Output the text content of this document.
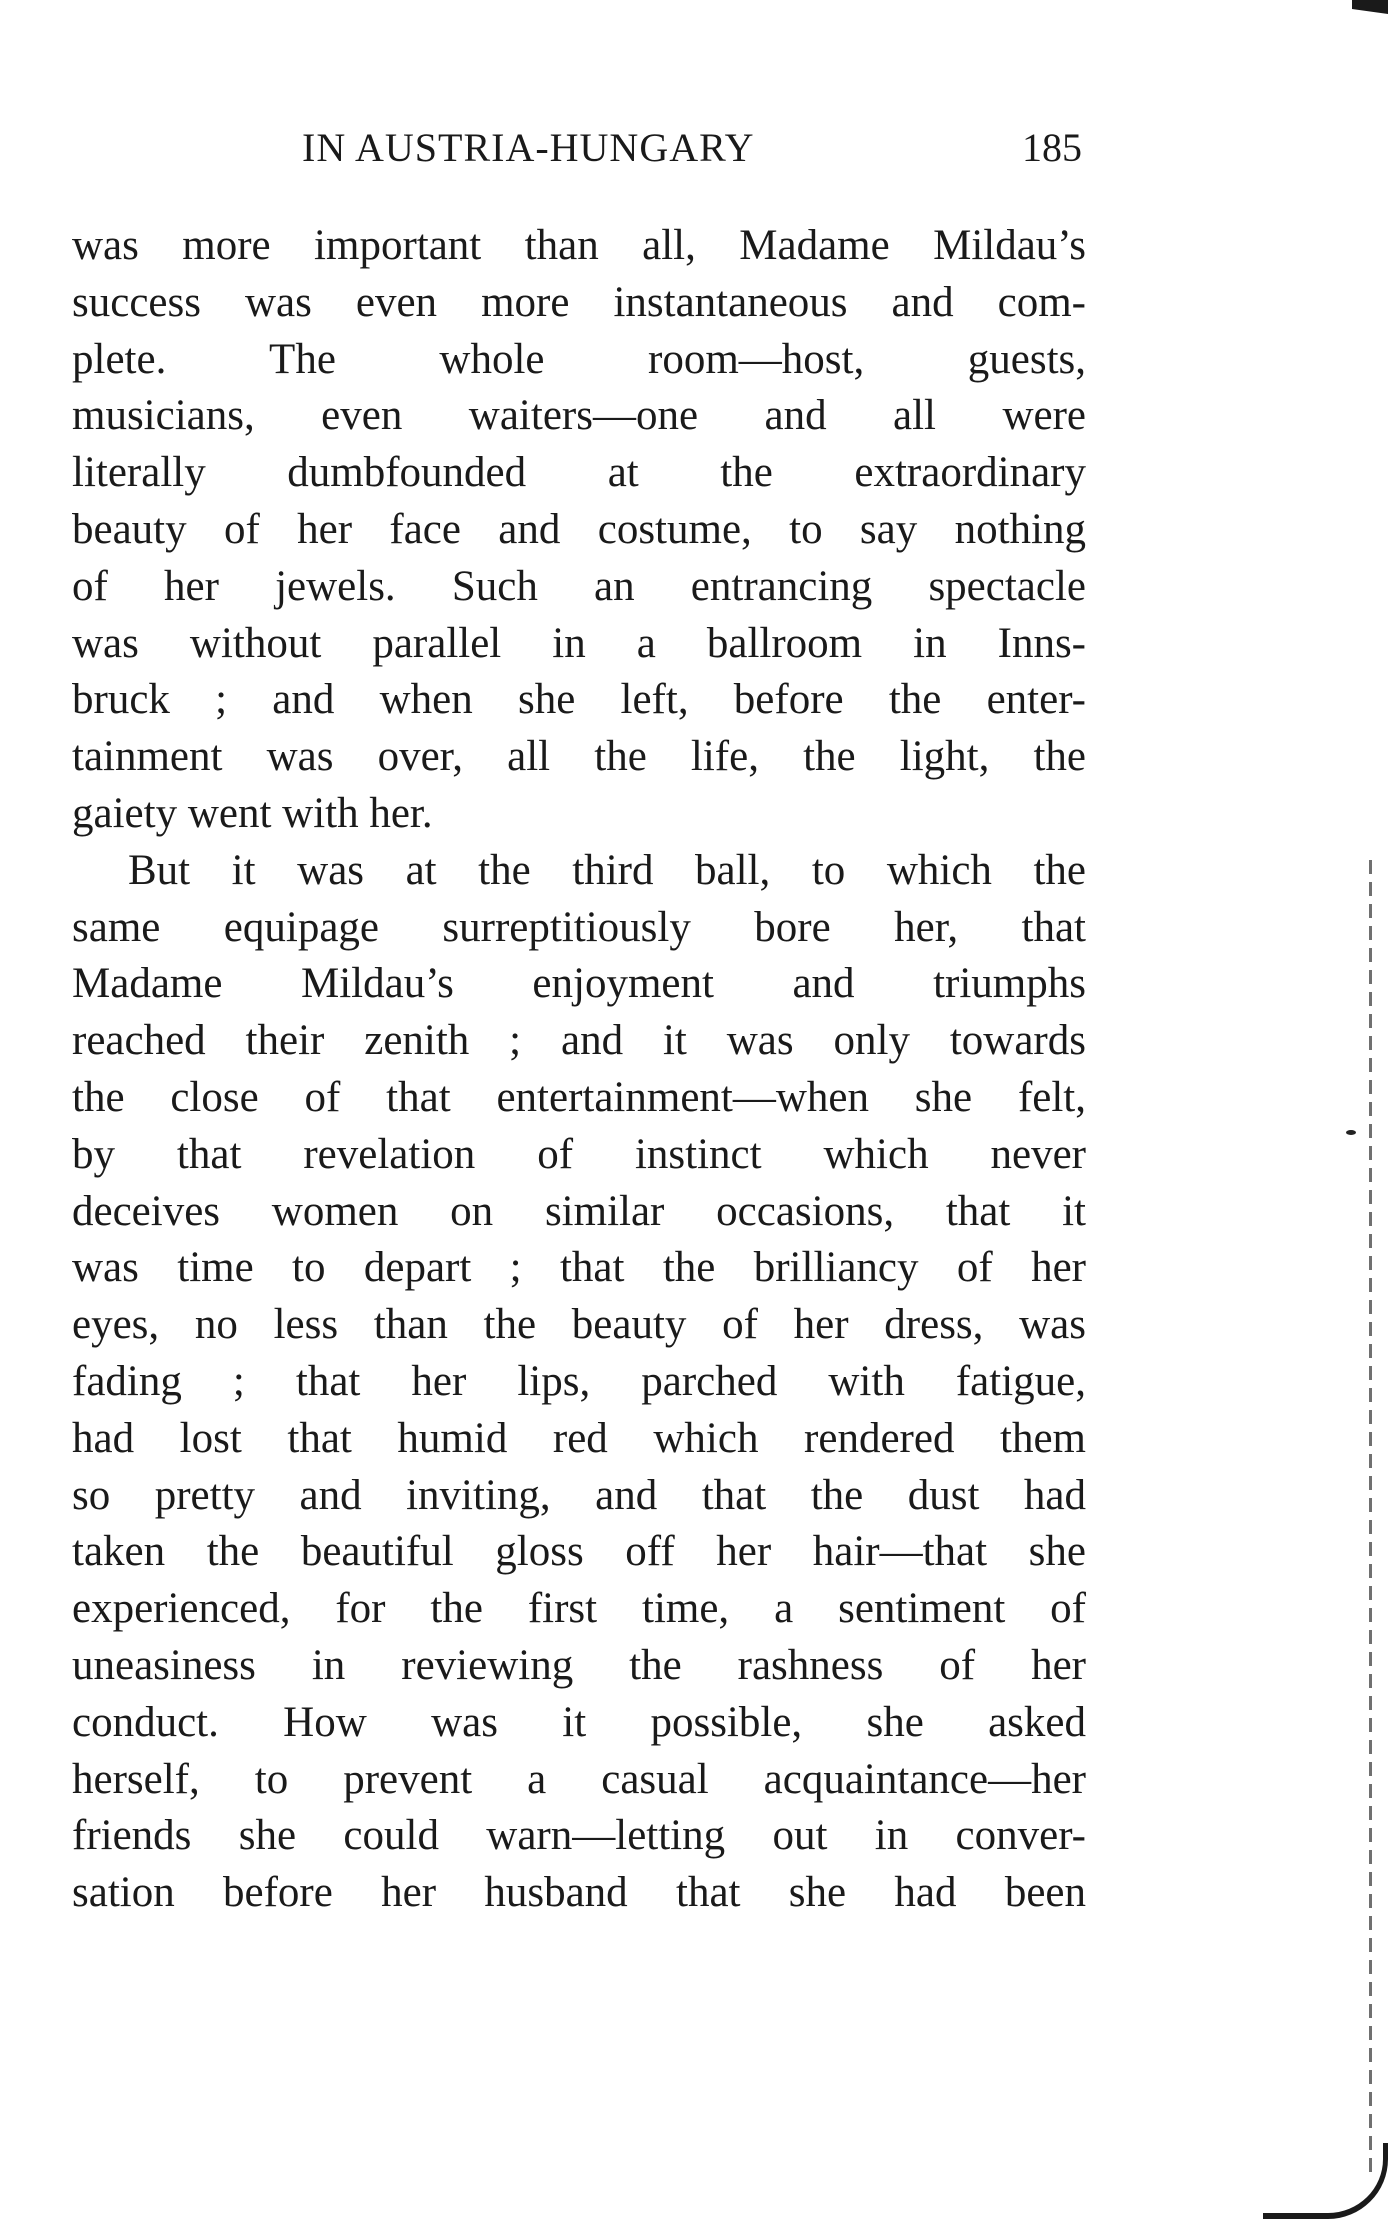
IN AUSTRIA-HUNGARY	185
was more important than all, Madame Mildau’s
success was even more instantaneous and com-
plete. The whole room—host, guests,
musicians, even waiters—one and all were
literally dumbfounded at the extraordinary
beauty of her face and costume, to say nothing
of her jewels. Such an entrancing spectacle
was without parallel in a ballroom in Inns-
bruck ; and when she left, before the enter-
tainment was over, all the life, the light, the
gaiety went with her.
But it was at the third ball, to which the
same equipage surreptitiously bore her, that
Madame Mildau’s enjoyment and triumphs
reached their zenith ; and it was only towards
the close of that entertainment—when she felt,
by that revelation of instinct which never
deceives women on similar occasions, that it
was time to depart ; that the brilliancy of her
eyes, no less than the beauty of her dress, was
fading ; that her lips, parched with fatigue,
had lost that humid red which rendered them
so pretty and inviting, and that the dust had
taken the beautiful gloss off her hair—that she
experienced, for the first time, a sentiment of
uneasiness in reviewing the rashness of her
conduct. How was it possible, she asked
herself, to prevent a casual acquaintance—her
friends she could warn—letting out in conver-
sation before her husband that she had been
